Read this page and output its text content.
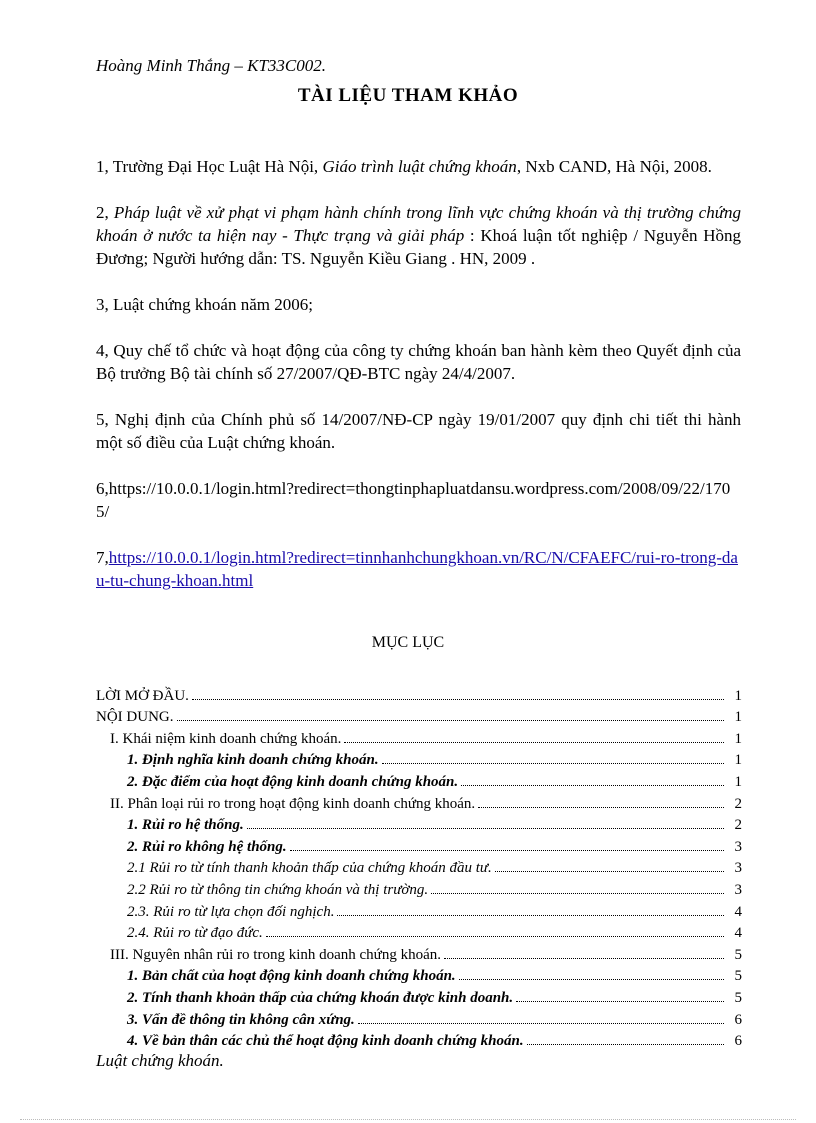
Hoàng Minh Thắng – KT33C002.
TÀI LIỆU THAM KHẢO

1, Trường Đại Học Luật Hà Nội, Giáo trình luật chứng khoán, Nxb CAND, Hà Nội, 2008.

2, Pháp luật về xử phạt vi phạm hành chính trong lĩnh vực chứng khoán và thị trường chứng khoán ở nước ta hiện nay - Thực trạng và giải pháp : Khoá luận tốt nghiệp / Nguyễn Hồng Đương; Người hướng dẫn: TS. Nguyễn Kiều Giang . HN, 2009 .

3, Luật chứng khoán năm 2006;

4, Quy chế tổ chức và hoạt động của công ty chứng khoán ban hành kèm theo Quyết định của Bộ trưởng Bộ tài chính số 27/2007/QĐ-BTC ngày 24/4/2007.

5, Nghị định của Chính phủ số 14/2007/NĐ-CP ngày 19/01/2007 quy định chi tiết thi hành một số điều của Luật chứng khoán.

6,https://10.0.0.1/login.html?redirect=thongtinphapluatdansu.wordpress.com/2008/09/22/1705/

7,https://10.0.0.1/login.html?redirect=tinnhanhchungkhoan.vn/RC/N/CFAEFC/rui-ro-trong-dau-tu-chung-khoan.html

MỤC LỤC
LỜI MỞ ĐẦU.	1
NỘI DUNG.	1
I. Khái niệm kinh doanh chứng khoán.	1
1. Định nghĩa kinh doanh chứng khoán.	1
2. Đặc điểm của hoạt động kinh doanh chứng khoán.	1
II. Phân loại rủi ro trong hoạt động kinh doanh chứng khoán.	2
1. Rủi ro hệ thống.	2
2. Rủi ro không hệ thống.	3
2.1 Rủi ro từ tính thanh khoản thấp của chứng khoán đầu tư.	3
2.2 Rủi ro từ thông tin chứng khoán và thị trường.	3
2.3. Rủi ro từ lựa chọn đối nghịch.	4
2.4. Rủi ro từ đạo đức.	4
III. Nguyên nhân rủi ro trong kinh doanh chứng khoán.	5
1. Bản chất của hoạt động kinh doanh chứng khoán.	5
2. Tính thanh khoản thấp của chứng khoán được kinh doanh.	5
3. Vấn đề thông tin không cân xứng.	6
4. Về bản thân các chủ thể hoạt động kinh doanh chứng khoán.	6
Luật chứng khoán.
